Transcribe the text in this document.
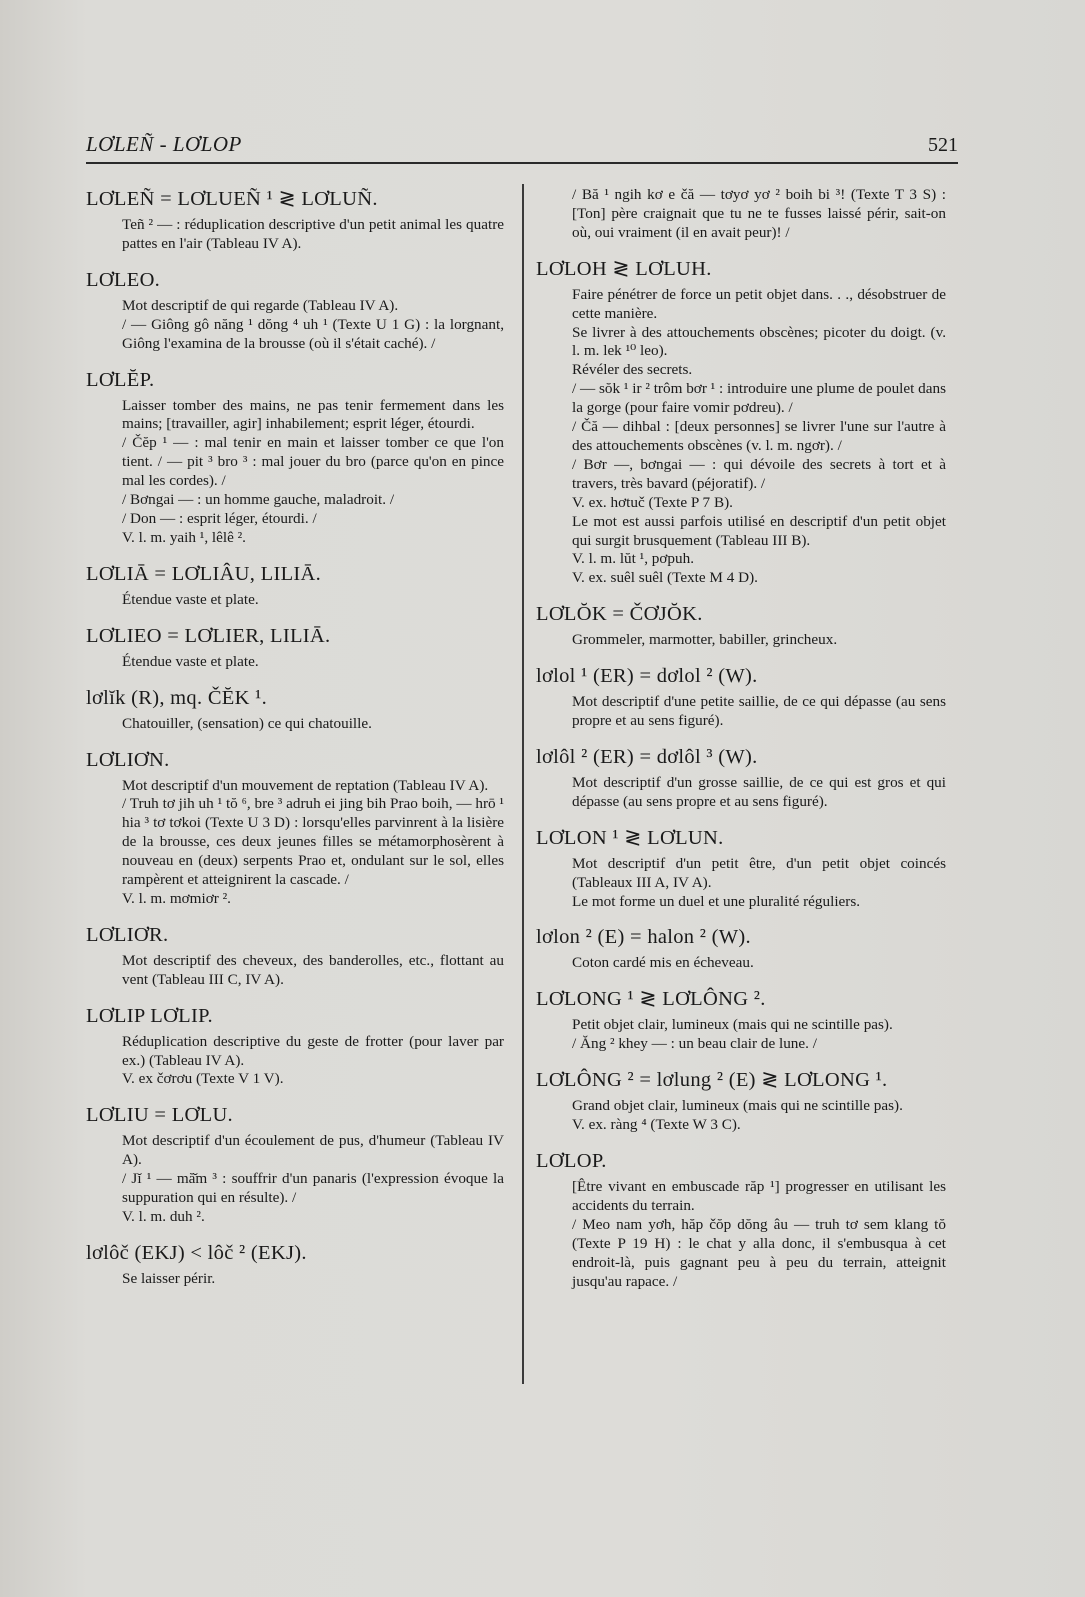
LƠLEÑ - LƠLOP	521
LƠLEÑ = LƠLUEÑ ¹ ≷ LƠLUÑ.

Teñ ² — : réduplication descriptive d'un petit animal les quatre pattes en l'air (Tableau IV A).

LƠLEO.

Mot descriptif de qui regarde (Tableau IV A).

/ — Giông gô năng ¹ dŏng ⁴ uh ¹ (Texte U 1 G) : la lorgnant, Giông l'examina de la brousse (où il s'était caché). /

LƠLĔP.

Laisser tomber des mains, ne pas tenir fermement dans les mains; [travailler, agir] inhabilement; esprit léger, étourdi.

/ Čĕp ¹ — : mal tenir en main et laisser tomber ce que l'on tient. / — pit ³ bro ³ : mal jouer du bro (parce qu'on en pince mal les cordes). /

/ Bơngai — : un homme gauche, maladroit. /

/ Don — : esprit léger, étourdi. /

V. l. m. yaih ¹, lêlê ².

LƠLIĀ = LƠLIÂU, LILIĀ.

Étendue vaste et plate.

LƠLIEO = LƠLIER, LILIĀ.

Étendue vaste et plate.

lơlĭk (R), mq. ČĔK ¹.

Chatouiller, (sensation) ce qui chatouille.

LƠLIƠN.

Mot descriptif d'un mouvement de reptation (Tableau IV A).

/ Truh tơ jih uh ¹ tŏ ⁶, bre ³ adruh ei jing bih Prao boih, — hrō ¹ hia ³ tơ tơkoi (Texte U 3 D) : lorsqu'elles parvinrent à la lisière de la brousse, ces deux jeunes filles se métamorphosèrent à nouveau en (deux) serpents Prao et, ondulant sur le sol, elles rampèrent et atteignirent la cascade. /

V. l. m. mơmiơr ².

LƠLIƠR.

Mot descriptif des cheveux, des banderolles, etc., flottant au vent (Tableau III C, IV A).

LƠLIP LƠLIP.

Réduplication descriptive du geste de frotter (pour laver par ex.) (Tableau IV A).

V. ex čơrơu (Texte V 1 V).

LƠLIU = LƠLU.

Mot descriptif d'un écoulement de pus, d'humeur (Tableau IV A).

/ Jĭ ¹ — mă̆m ³ : souffrir d'un panaris (l'expression évoque la suppuration qui en résulte). /

V. l. m. duh ².

lơlôč (EKJ) < lôč ² (EKJ).

Se laisser périr.

/ Bă ¹ ngih kơ e čă — tơyơ yơ ² boih bi ³! (Texte T 3 S) : [Ton] père craignait que tu ne te fusses laissé périr, sait-on où, oui vraiment (il en avait peur)! /

LƠLOH ≷ LƠLUH.

Faire pénétrer de force un petit objet dans. . ., désobstruer de cette manière.

Se livrer à des attouchements obscènes; picoter du doigt. (v. l. m. lek ¹⁰ leo).

Révéler des secrets.

/ — sŏk ¹ ir ² trôm bơr ¹ : introduire une plume de poulet dans la gorge (pour faire vomir pơdreu). /

/ Čă — dihbal : [deux personnes] se livrer l'une sur l'autre à des attouchements obscènes (v. l. m. ngơr). /

/ Bơr —, bơngai — : qui dévoile des secrets à tort et à travers, très bavard (péjoratif). /

V. ex. hơtuč (Texte P 7 B).

Le mot est aussi parfois utilisé en descriptif d'un petit objet qui surgit brusquement (Tableau III B).

V. l. m. lŭt ¹, pơpuh.

V. ex. suêl suêl (Texte M 4 D).

LƠLŎK = ČƠJŎK.

Grommeler, marmotter, babiller, grincheux.

lơlol ¹ (ER) = dơlol ² (W).

Mot descriptif d'une petite saillie, de ce qui dépasse (au sens propre et au sens figuré).

lơlôl ² (ER) = dơlôl ³ (W).

Mot descriptif d'un grosse saillie, de ce qui est gros et qui dépasse (au sens propre et au sens figuré).

LƠLON ¹ ≷ LƠLUN.

Mot descriptif d'un petit être, d'un petit objet coincés (Tableaux III A, IV A).

Le mot forme un duel et une pluralité réguliers.

lơlon ² (E) = halon ² (W).

Coton cardé mis en écheveau.

LƠLONG ¹ ≷ LƠLÔNG ².

Petit objet clair, lumineux (mais qui ne scintille pas).

/ Ăng ² khey — : un beau clair de lune. /

LƠLÔNG ² = lơlung ² (E) ≷ LƠLONG ¹.

Grand objet clair, lumineux (mais qui ne scintille pas).

V. ex. ràng ⁴ (Texte W 3 C).

LƠLOP.

[Être vivant en embuscade răp ¹] progresser en utilisant les accidents du terrain.

/ Meo nam yơh, hăp čŏp dŏng âu — truh tơ sem klang tŏ (Texte P 19 H) : le chat y alla donc, il s'embusqua à cet endroit-là, puis gagnant peu à peu du terrain, atteignit jusqu'au rapace. /
